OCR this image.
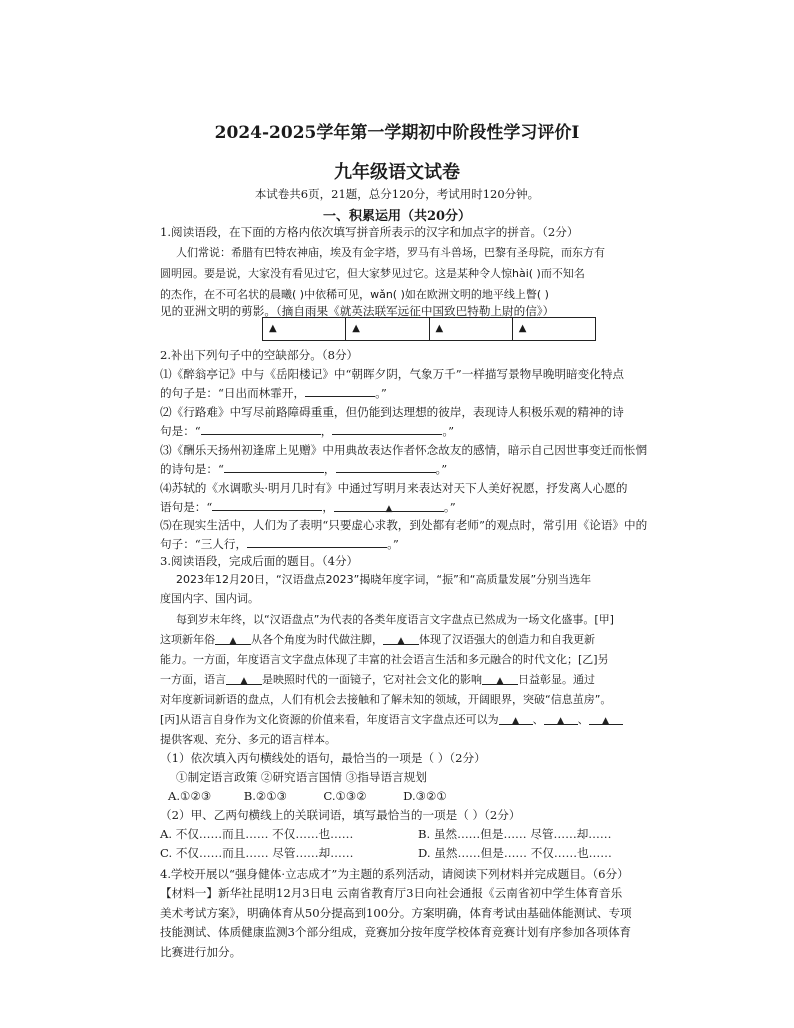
2024-2025学年第一学期初中阶段性学习评价Ⅰ
九年级语文试卷
本试卷共6页，21题，总分120分，考试用时120分钟。
一、积累运用（共20分）
1.阅读语段，在下面的方格内依次填写拼音所表示的汉字和加点字的拼音。（2分）
人们常说：希腊有巴特农神庙，埃及有金字塔，罗马有斗兽场，巴黎有圣母院，而东方有
圆明园。要是说，大家没有看见过它，但大家梦见过它。这是某种令人惊hài( )而不知名
的杰作，在不可名状的晨曦( )中依稀可见，wǎn( )如在欧洲文明的地平线上瞥( )
见的亚洲文明的剪影。（摘自雨果《就英法联军远征中国致巴特勒上尉的信》）
▲	▲	▲	▲
2.补出下列句子中的空缺部分。（8分）
⑴《醉翁亭记》中与《岳阳楼记》中“朝晖夕阴，气象万千”一样描写景物早晚明暗变化特点
的句子是：“日出而林霏开，	。”
⑵《行路难》中写尽前路障碍重重，但仍能到达理想的彼岸，表现诗人积极乐观的精神的诗
句是：“	，	。”
⑶《酬乐天扬州初逢席上见赠》中用典故表达作者怀念故友的感情，暗示自己因世事变迁而怅惘
的诗句是：“	，	。”
⑷苏轼的《水调歌头·明月几时有》中通过写明月来表达对天下人美好祝愿，抒发离人心愿的
语句是：“	，	▲	。”
⑸在现实生活中，人们为了表明“只要虚心求教，到处都有老师”的观点时，常引用《论语》中的
句子：“三人行，	。”
3.阅读语段，完成后面的题目。（4分）
2023年12月20日，“汉语盘点2023”揭晓年度字词，“振”和“高质量发展”分别当选年
度国内字、国内词。
每到岁末年终，以“汉语盘点”为代表的各类年度语言文字盘点已然成为一场文化盛事。[甲]
这项新年俗 ▲ 从各个角度为时代做注脚， ▲ 体现了汉语强大的创造力和自我更新
能力。一方面，年度语言文字盘点体现了丰富的社会语言生活和多元融合的时代文化；[乙]另
一方面，语言 ▲ 是映照时代的一面镜子，它对社会文化的影响 ▲ 日益彰显。通过
对年度新词新语的盘点，人们有机会去接触和了解未知的领域，开阔眼界，突破“信息茧房”。
[丙]从语言自身作为文化资源的价值来看，年度语言文字盘点还可以为 ▲ 、 ▲ 、 ▲
提供客观、充分、多元的语言样本。
（1）依次填入丙句横线处的语句，最恰当的一项是（ ）（2分）
①制定语言政策 ②研究语言国情 ③指导语言规划
A.①②③	B.②①③	C.①③②	D.③②①
（2）甲、乙两句横线上的关联词语，填写最恰当的一项是（ ）（2分）
A. 不仅……而且…… 不仅……也……	B. 虽然……但是…… 尽管……却……
C. 不仅……而且…… 尽管……却……	D. 虽然……但是…… 不仅……也……
4.学校开展以“强身健体·立志成才”为主题的系列活动，请阅读下列材料并完成题目。（6分）
【材料一】新华社昆明12月3日电 云南省教育厅3日向社会通报《云南省初中学生体育音乐
美术考试方案》，明确体育从50分提高到100分。方案明确，体育考试由基础体能测试、专项
技能测试、体质健康监测3个部分组成，竞赛加分按年度学校体育竞赛计划有序参加各项体育
比赛进行加分。
